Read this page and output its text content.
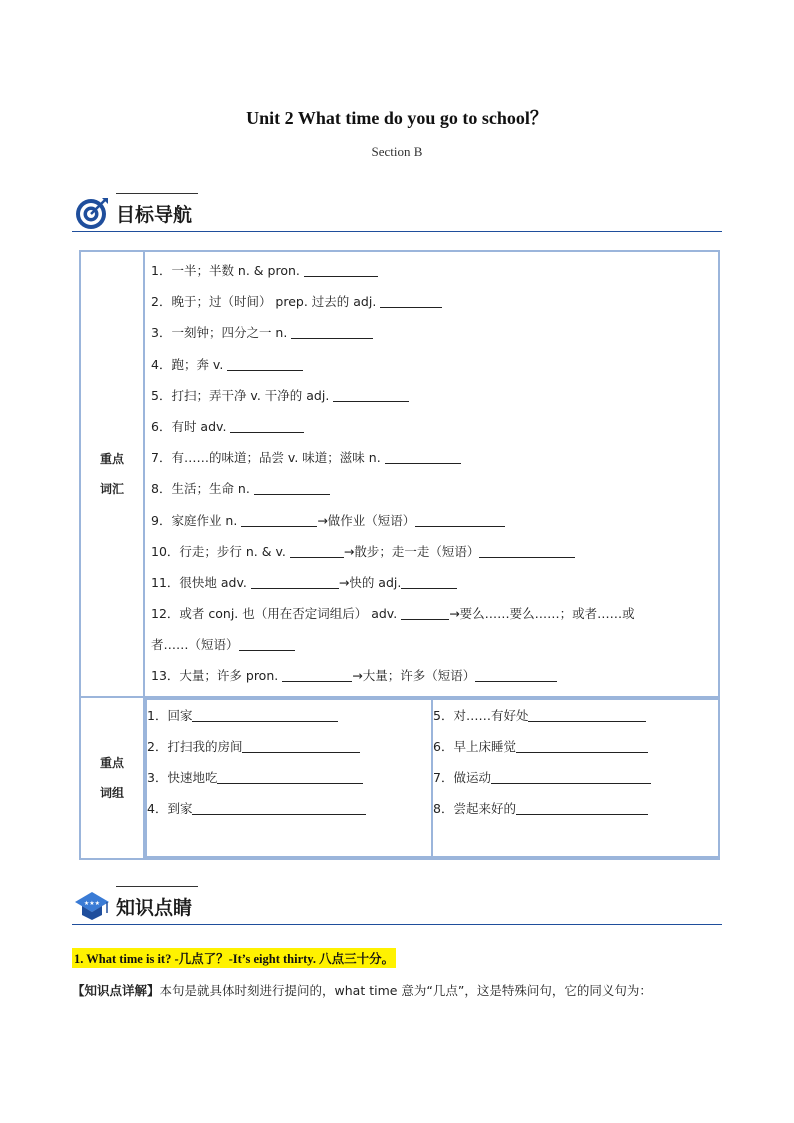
Unit 2 What time do you go to school？
Section B
目标导航
重点
词汇

1．一半；半数 n. & pron.
2．晚于；过（时间） prep. 过去的 adj.
3．一刻钟；四分之一 n.
4．跑；奔 v.
5．打扫；弄干净 v. 干净的 adj.
6．有时 adv.
7．有……的味道；品尝 v. 味道；滋味 n.
8．生活；生命 n.
9．家庭作业 n.	→做作业（短语）
10．行走；步行 n. & v.	→散步；走一走（短语）
11．很快地 adv.	→快的 adj.
12．或者 conj. 也（用在否定词组后） adv.	→要么……要么……；或者……或
者……（短语）
13．大量；许多 pron.	→大量；许多（短语）

重点
词组

1．回家
2．打扫我的房间
3．快速地吃
4．到家

5．对……有好处
6．早上床睡觉
7．做运动
8．尝起来好的
★★★ 知识点睛
1. What time is it? -几点了？-It’s eight thirty. 八点三十分。
【知识点详解】本句是就具体时刻进行提问的，what time 意为“几点”，这是特殊问句，它的同义句为：
